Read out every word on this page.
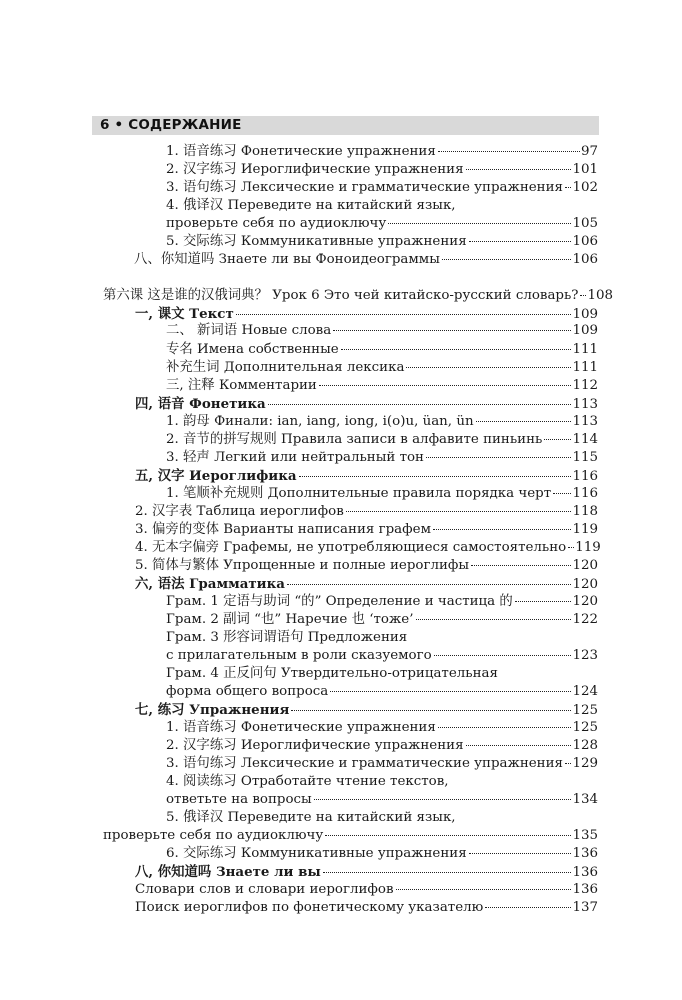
6 • СОДЕРЖАНИЕ
1. 语音练习 Фонетические упражнения	97
2. 汉字练习 Иероглифические упражнения	101
3. 语句练习 Лексические и грамматические упражнения 102
4. 俄译汉 Переведите на китайский язык,
проверьте себя по аудиоключу	105
5. 交际练习 Коммуникативные упражнения	106
八、你知道吗 Знаете ли вы Фоноидеограммы	106
第六课 这是谁的汉俄词典？ Урок 6 Это чей китайско-русский словарь? 108
一, 课文 Текст	109
二、 新词语 Новые слова	109
专名 Имена собственные	111
补充生词 Дополнительная лексика	111
三, 注释 Комментарии	112
四, 语音 Фонетика	113
1. 韵母 Финали: ian, iang, iong, i(o)u, üan, ün	113
2. 音节的拼写规则 Правила записи в алфавите пиньинь 114
3. 轻声 Легкий или нейтральный тон	115
五, 汉字 Иероглифика	116
1. 笔顺补充规则 Дополнительные правила порядка черт 116
2. 汉字表 Таблица иероглифов	118
3. 偏旁的变体 Варианты написания графем	119
4. 无本字偏旁 Графемы, не употребляющиеся самостоятельно 119
5. 简体与繁体 Упрощенные и полные иероглифы	120
六, 语法 Грамматика	120
Грам. 1 定语与助词 “的” Определение и частица 的	120
Грам. 2 副词 “也” Наречие 也 ‘тоже’	122
Грам. 3 形容词谓语句 Предложения
с прилагательным в роли сказуемого	123
Грам. 4 正反问句 Утвердительно-отрицательная
форма общего вопроса	124
七, 练习 Упражнения	125
1. 语音练习 Фонетические упражнения	125
2. 汉字练习 Иероглифические упражнения	128
3. 语句练习 Лексические и грамматические упражнения 129
4. 阅读练习 Отработайте чтение текстов,
ответьте на вопросы	134
5. 俄译汉 Переведите на китайский язык,
проверьте себя по аудиоключу	135
6. 交际练习 Коммуникативные упражнения	136
八, 你知道吗 Знаете ли вы	136
Словари слов и словари иероглифов	136
Поиск иероглифов по фонетическому указателю	137
